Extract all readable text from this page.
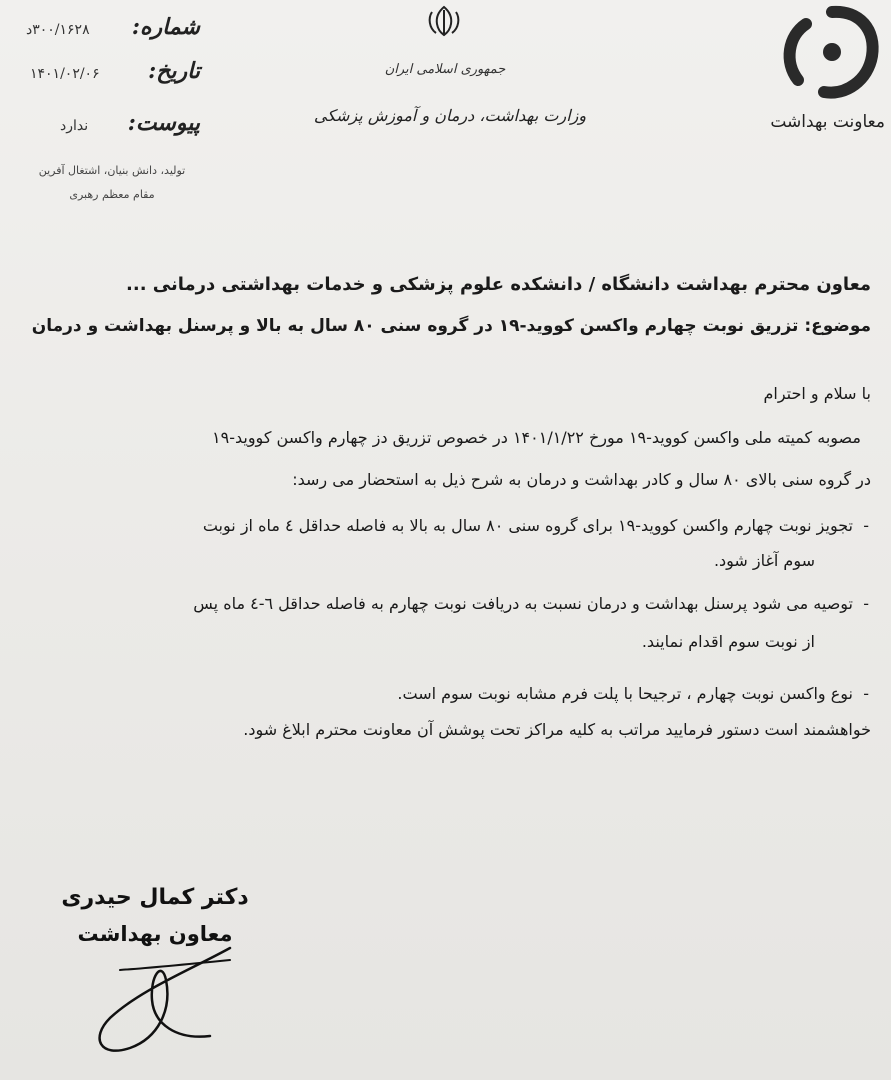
شماره:
۳۰۰/۱۶۲۸د
تاریخ:
۱۴۰۱/۰۲/۰۶
پیوست:
ندارد
تولید، دانش بنیان، اشتغال آفرین
مقام معظم رهبری
جمهوری اسلامی ایران
وزارت بهداشت، درمان و آموزش پزشکی	معاونت بهداشت
معاون محترم بهداشت دانشگاه / دانشکده علوم پزشکی و خدمات بهداشتی درمانی ...
موضوع: تزریق نوبت چهارم واکسن کووید-۱۹ در گروه سنی ۸۰ سال به بالا و پرسنل بهداشت و درمان
با سلام و احترام
مصوبه کمیته ملی واکسن کووید-۱۹ مورخ ۱۴۰۱/۱/۲۲ در خصوص تزریق دز چهارم واکسن کووید-۱۹
در گروه سنی بالای ۸۰ سال و کادر بهداشت و درمان به شرح ذیل به استحضار می رسد:
-
تجویز نوبت چهارم واکسن کووید-۱۹ برای گروه سنی ۸۰ سال به بالا به فاصله حداقل ٤ ماه از نوبت
سوم آغاز شود.
-
توصیه می شود پرسنل بهداشت و درمان نسبت به دریافت نوبت چهارم به فاصله حداقل ٦-٤ ماه پس
از نوبت سوم اقدام نمایند.
-
نوع واکسن نوبت چهارم ، ترجیحا با پلت فرم مشابه نوبت سوم است.
خواهشمند است دستور فرمایید مراتب به کلیه مراکز تحت پوشش آن معاونت محترم ابلاغ شود.
دکتر کمال حیدری
معاون بهداشت
